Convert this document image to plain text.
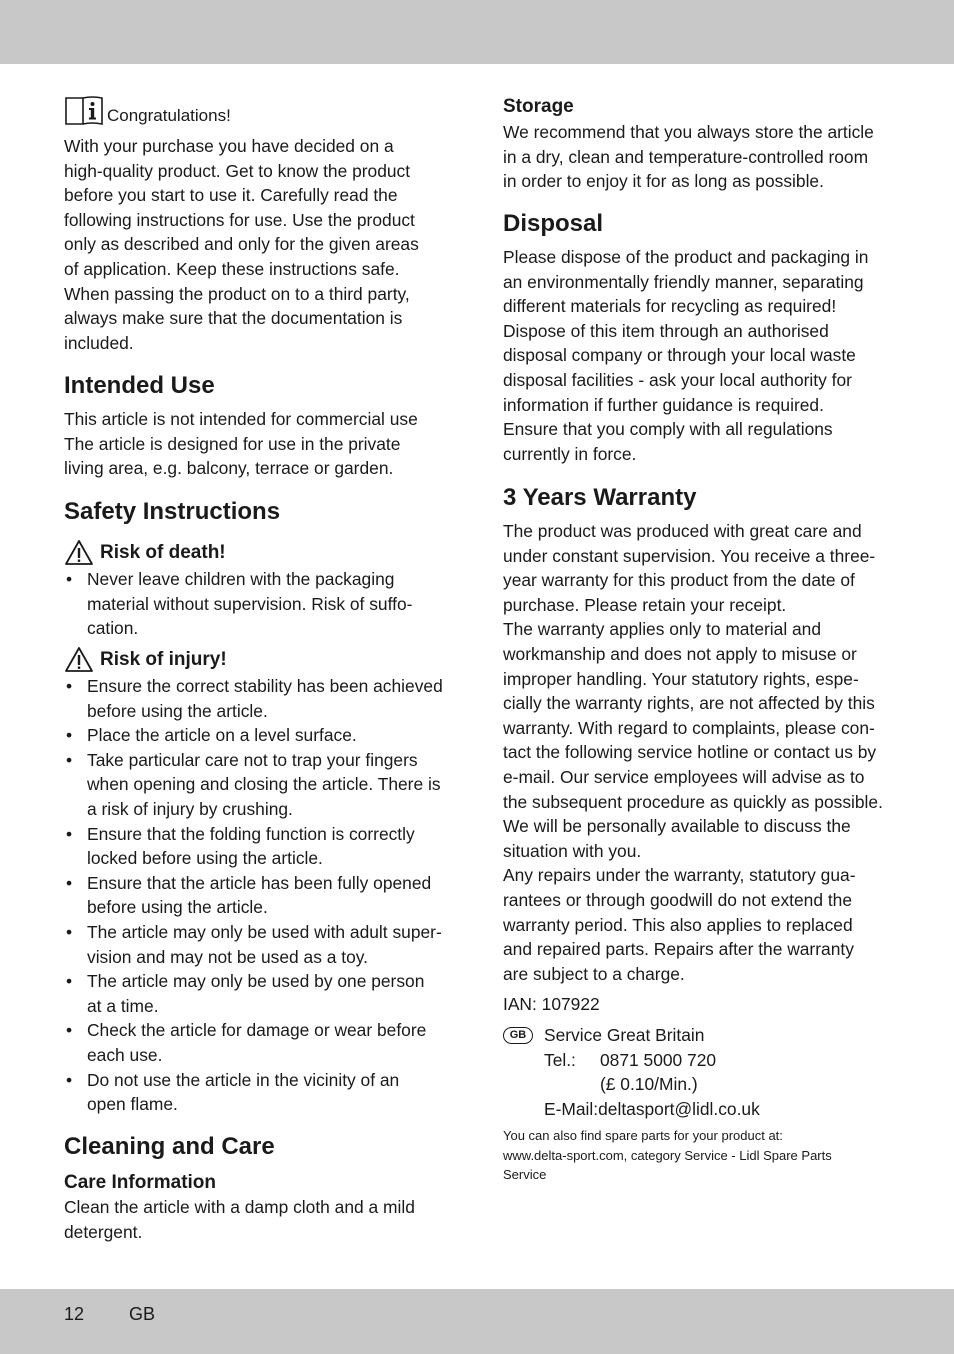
Congratulations!
With your purchase you have decided on a
high-quality product. Get to know the product
before you start to use it. Carefully read the
following instructions for use. Use the product
only as described and only for the given areas
of application. Keep these instructions safe.
When passing the product on to a third party,
always make sure that the documentation is
included.
Intended Use
This article is not intended for commercial use
The article is designed for use in the private
living area, e.g. balcony, terrace or garden.
Safety Instructions
Risk of death!
• Never leave children with the packaging
material without supervision. Risk of suffo-
cation.
Risk of injury!
• Ensure the correct stability has been achieved
before using the article.
• Place the article on a level surface.
• Take particular care not to trap your fingers
when opening and closing the article. There is
a risk of injury by crushing.
• Ensure that the folding function is correctly
locked before using the article.
• Ensure that the article has been fully opened
before using the article.
• The article may only be used with adult super-
vision and may not be used as a toy.
• The article may only be used by one person
at a time.
• Check the article for damage or wear before
each use.
• Do not use the article in the vicinity of an
open flame.
Cleaning and Care
Care Information
Clean the article with a damp cloth and a mild
detergent.
Storage
We recommend that you always store the article
in a dry, clean and temperature-controlled room
in order to enjoy it for as long as possible.
Disposal
Please dispose of the product and packaging in
an environmentally friendly manner, separating
different materials for recycling as required!
Dispose of this item through an authorised
disposal company or through your local waste
disposal facilities - ask your local authority for
information if further guidance is required.
Ensure that you comply with all regulations
currently in force.
3 Years Warranty
The product was produced with great care and
under constant supervision. You receive a three-
year warranty for this product from the date of
purchase. Please retain your receipt.
The warranty applies only to material and
workmanship and does not apply to misuse or
improper handling. Your statutory rights, espe-
cially the warranty rights, are not affected by this
warranty. With regard to complaints, please con-
tact the following service hotline or contact us by
e-mail. Our service employees will advise as to
the subsequent procedure as quickly as possible.
We will be personally available to discuss the
situation with you.
Any repairs under the warranty, statutory gua-
rantees or through goodwill do not extend the
warranty period. This also applies to replaced
and repaired parts. Repairs after the warranty
are subject to a charge.
IAN: 107922
GB	Service Great Britain
Tel.: 0871 5000 720
(£ 0.10/Min.)
E-Mail:deltasport@lidl.co.uk
You can also find spare parts for your product at:
www.delta-sport.com, category Service - Lidl Spare Parts
Service
12 GB
